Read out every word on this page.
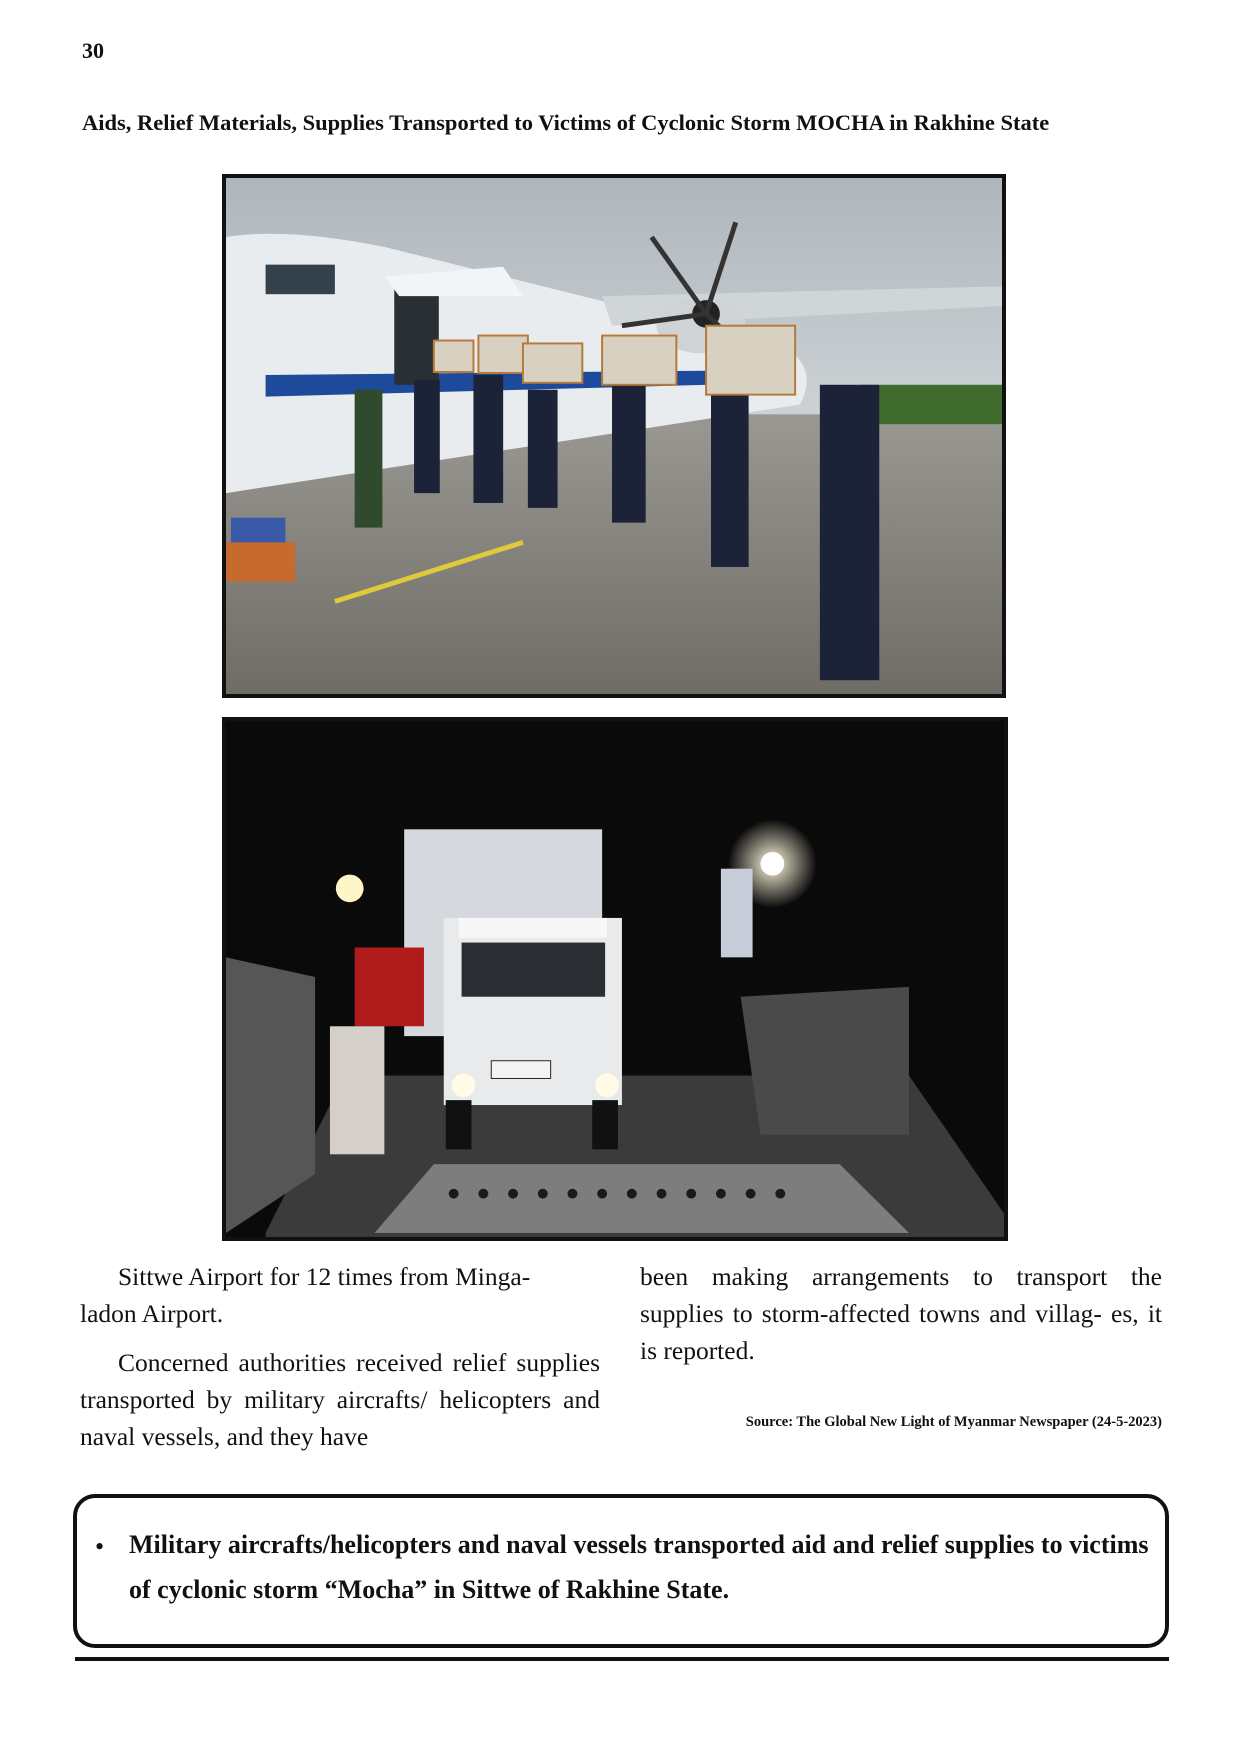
30
Aids, Relief Materials, Supplies Transported to Victims of Cyclonic Storm MOCHA in Rakhine State

Sittwe Airport for 12 times from Minga-

ladon Airport.

Concerned authorities received relief supplies transported by military aircrafts/ helicopters and naval vessels, and they have

been making arrangements to transport the supplies to storm-affected towns and villag- es, it is reported.

Source: The Global New Light of Myanmar Newspaper (24-5-2023)
• Military aircrafts/helicopters and naval vessels transported aid and relief supplies to victims of cyclonic storm “Mocha” in Sittwe of Rakhine State.
